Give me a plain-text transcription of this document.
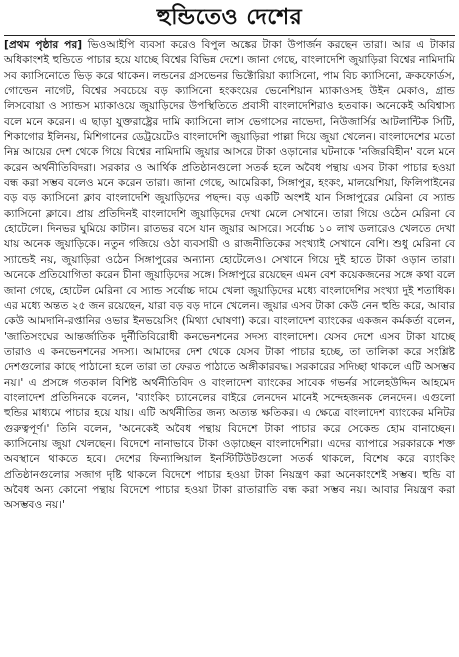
হুন্ডিতেও দেশের
[প্রথম পৃষ্ঠার পর] ভিওআইপি ব্যবসা করেও বিপুল অঙ্কের টাকা উপার্জন করছেন তারা। আর এ টাকার অধিকাংশই হুন্ডিতে পাচার হয়ে যাচ্ছে বিশ্বের বিভিন্ন দেশে। জানা গেছে, বাংলাদেশি জুয়াড়িরা বিশ্বের নামিদামি সব ক্যাসিনোতে ভিড় করে থাকেন। লন্ডনের গ্রসভেনর ভিক্টোরিয়া ক্যাসিনো, পাম বিচ ক্যাসিনো, ক্রকফোর্ডস, গোল্ডেন নাগেট, বিশ্বের সবচেয়ে বড় ক্যাসিনো হংকংয়ের ভেনেশিয়ান ম্যাকাওসহ উইন মেকাও, গ্রান্ড লিসবোয়া ও স্যান্ডস ম্যাকাওয়ে জুয়াড়িদের উপস্থিতিতে প্রবাসী বাংলাদেশিরাও হতবাক। অনেকেই অবিশ্বাস্য বলে মনে করেন। এ ছাড়া যুক্তরাষ্ট্রের দামি ক্যাসিনো লাস ভেগাসের নাভেদা, নিউজার্সির আটলান্টিক সিটি, শিকাগোর ইলিনয়, মিশিগানের ডেট্রয়েটেও বাংলাদেশি জুয়াড়িরা পাল্লা দিয়ে জুয়া খেলেন। বাংলাদেশের মতো নিম্ন আয়ের দেশ থেকে গিয়ে বিশ্বের নামিদামি জুয়ার আসরে টাকা ওড়ানোর ঘটনাকে 'নজিরবিহীন' বলে মনে করেন অর্থনীতিবিদরা। সরকার ও আর্থিক প্রতিষ্ঠানগুলো সতর্ক হলে অবৈধ পন্থায় এসব টাকা পাচার হওয়া বন্ধ করা সম্ভব বলেও মনে করেন তারা। জানা গেছে, আমেরিকা, সিঙ্গাপুর, হংকং, মালয়েশিয়া, ফিলিপাইনের বড় বড় ক্যাসিনো ক্লাব বাংলাদেশি জুয়াড়িদের পছন্দ। বড় একটি অংশই যান সিঙ্গাপুরের মেরিনা বে স্যান্ড ক্যাসিনো ক্লাবে। প্রায় প্রতিদিনই বাংলাদেশি জুয়াড়িদের দেখা মেলে সেখানে। তারা গিয়ে ওঠেন মেরিনা বে হোটেলে। দিনভর ঘুমিয়ে কাটান। রাতভর বসে যান জুয়ার আসরে। সর্বোচ্চ ১০ লাখ ডলারেও খেলতে দেখা যায় অনেক জুয়াড়িকে। নতুন গজিয়ে ওঠা ব্যবসায়ী ও রাজনীতিকের সংখ্যাই সেখানে বেশি। শুধু মেরিনা বে স্যান্ডেই নয়, জুয়াড়িরা ওঠেন সিঙ্গাপুরের অন্যান্য হোটেলেও। সেখানে গিয়ে দুই হাতে টাকা ওড়ান তারা। অনেকে প্রতিযোগিতা করেন চীনা জুয়াড়িদের সঙ্গে। সিঙ্গাপুরে রয়েছেন এমন বেশ কয়েকজনের সঙ্গে কথা বলে জানা গেছে, হোটেল মেরিনা বে স্যান্ড সর্বোচ্চ দামে খেলা জুয়াড়িদের মধ্যে বাংলাদেশির সংখ্যা দুই শতাধিক। এর মধ্যে অন্তত ২৫ জন রয়েছেন, যারা বড় বড় দানে খেলেন। জুয়ার এসব টাকা কেউ নেন হুন্ডি করে, আবার কেউ আমদানি-রপ্তানির ওভার ইনভয়েসিং (মিথ্যা ঘোষণা) করে। বাংলাদেশ ব্যাংকের একজন কর্মকর্তা বলেন, 'জাতিসংঘের আন্তর্জাতিক দুর্নীতিবিরোধী কনভেনশনের সদস্য বাংলাদেশ। যেসব দেশে এসব টাকা যাচ্ছে তারাও এ কনভেনশনের সদস্য। আমাদের দেশ থেকে যেসব টাকা পাচার হচ্ছে, তা তালিকা করে সংশ্লিষ্ট দেশগুলোর কাছে পাঠানো হলে তারা তা ফেরত পাঠাতে অঙ্গীকারবদ্ধ। সরকারের সদিচ্ছা থাকলে এটি অসম্ভব নয়।' এ প্রসঙ্গে গতকাল বিশিষ্ট অর্থনীতিবিদ ও বাংলাদেশ ব্যাংকের সাবেক গভর্নর সালেহউদ্দিন আহমেদ বাংলাদেশ প্রতিদিনকে বলেন, 'ব্যাংকিং চ্যানেলের বাইরে লেনদেন মানেই সন্দেহজনক লেনদেন। এগুলো হুন্ডির মাধ্যমে পাচার হয়ে যায়। এটি অর্থনীতির জন্য অত্যন্ত ক্ষতিকর। এ ক্ষেত্রে বাংলাদেশ ব্যাংকের মনিটর গুরুত্বপূর্ণ।' তিনি বলেন, 'অনেকেই অবৈধ পন্থায় বিদেশে টাকা পাচার করে সেকেন্ড হোম বানাচ্ছেন। ক্যাসিনোয় জুয়া খেলছেন। বিদেশে নানাভাবে টাকা ওড়াচ্ছেন বাংলাদেশিরা। এদের ব্যাপারে সরকারকে শক্ত অবস্থানে থাকতে হবে। দেশের ফিন্যান্সিয়াল ইনস্টিটিউটগুলো সতর্ক থাকলে, বিশেষ করে ব্যাংকিং প্রতিষ্ঠানগুলোর সজাগ দৃষ্টি থাকলে বিদেশে পাচার হওয়া টাকা নিয়ন্ত্রণ করা অনেকাংশেই সম্ভব। হুন্ডি বা অবৈধ অন্য কোনো পন্থায় বিদেশে পাচার হওয়া টাকা রাতারাতি বন্ধ করা সম্ভব নয়। আবার নিয়ন্ত্রণ করা অসম্ভবও নয়।'
